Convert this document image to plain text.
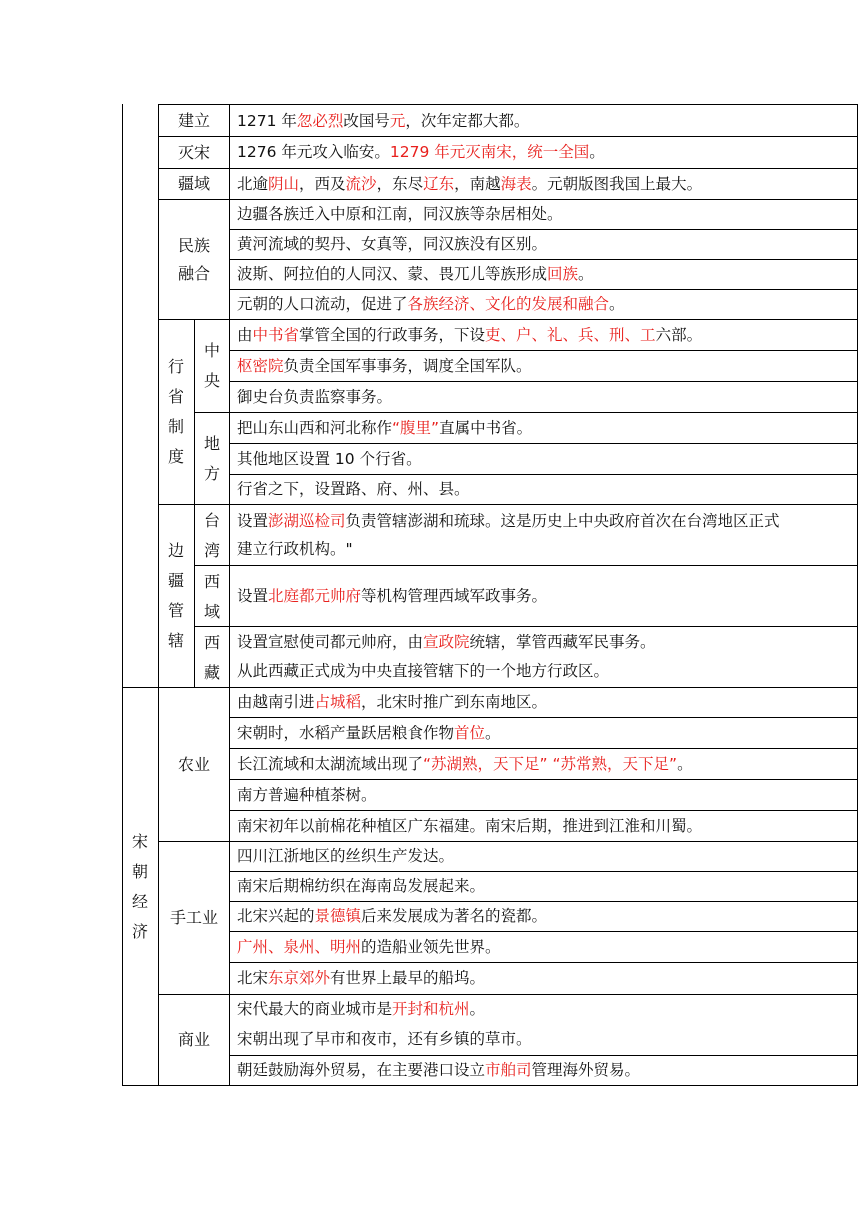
建立
灭宋
疆域
民族
融合
行
省
制
度
中
央
地
方
边
疆
管
辖
台
湾
西
域
西
藏
宋
朝
经
济
农业
手工业
商业
1271 年忽必烈改国号元，次年定都大都。
1276 年元攻入临安。1279 年元灭南宋，统一全国。
北逾阴山，西及流沙，东尽辽东，南越海表。元朝版图我国上最大。
边疆各族迁入中原和江南，同汉族等杂居相处。
黄河流域的契丹、女真等，同汉族没有区别。
波斯、阿拉伯的人同汉、蒙、畏兀儿等族形成回族。
元朝的人口流动，促进了各族经济、文化的发展和融合。
由中书省掌管全国的行政事务，下设吏、户、礼、兵、刑、工六部。
枢密院负责全国军事事务，调度全国军队。
御史台负责监察事务。
把山东山西和河北称作“腹里”直属中书省。
其他地区设置 10 个行省。
行省之下，设置路、府、州、县。
设置澎湖巡检司负责管辖澎湖和琉球。这是历史上中央政府首次在台湾地区正式
建立行政机构。"
设置北庭都元帅府等机构管理西域军政事务。
设置宣慰使司都元帅府，由宣政院统辖，掌管西藏军民事务。
从此西藏正式成为中央直接管辖下的一个地方行政区。
由越南引进占城稻，北宋时推广到东南地区。
宋朝时，水稻产量跃居粮食作物首位。
长江流域和太湖流域出现了“苏湖熟，天下足” “苏常熟，天下足”。
南方普遍种植茶树。
南宋初年以前棉花种植区广东福建。南宋后期，推进到江淮和川蜀。
四川江浙地区的丝织生产发达。
南宋后期棉纺织在海南岛发展起来。
北宋兴起的景德镇后来发展成为著名的瓷都。
广州、泉州、明州的造船业领先世界。
北宋东京郊外有世界上最早的船坞。
宋代最大的商业城市是开封和杭州。
宋朝出现了早市和夜市，还有乡镇的草市。
朝廷鼓励海外贸易，在主要港口设立市舶司管理海外贸易。
